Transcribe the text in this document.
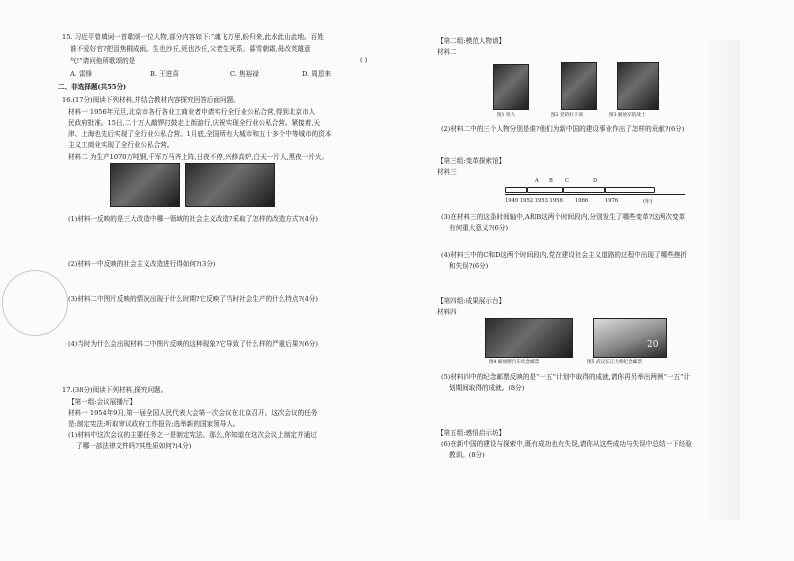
15. 习近平曾填词一首歌颂一位人物,部分内容如下:“魂飞万里,盼归来,此水此山此地。百姓
谁不爱好官?把泪焦桐成雨。生也沙丘,死也沙丘,父老生死系。暮雪朝霜,毋改英雄意
气!”请问他所歌颂的是	( )
A. 雷锋	B. 王进喜	C. 焦裕禄	D. 周恩来
二、非选择题(共55分)
16.(17分)阅读下列材料,并结合教材内容探究回答后面问题。
材料一 1956年元旦,北京市各行各业工商业者申请实行全行业公私合营,得到北京市人
民政府批准。15日,二十万人敲锣打鼓走上街游行,庆祝实现全行业公私合营。紧接着,天
津、上海也先后实现了全行业公私合营。1月底,全国所有大城市和五十多个中等城市的资本
主义工商业实现了全行业公私合营。
材料二 为生产1070万吨钢,千军万马齐上阵,日夜不停,兴修高炉,白天一片人,黑夜一片火。
(1)材料一反映的是三大改造中哪一领域的社会主义改造?采取了怎样的改造方式?(4分)
(2)材料一中反映的社会主义改造进行得如何?(3分)
(3)材料二中图片反映的情况出现于什么时期?它反映了当时社会生产的什么特点?(4分)
(4)当时为什么会出现材料二中图片反映的这种现象?它导致了什么样的严重后果?(6分)
17.(38分)阅读下列材料,探究问题。
【第一组:会议展播厅】
材料一 1954年9月,第一届全国人民代表大会第一次会议在北京召开。这次会议的任务
是:制定宪法;听取审议政府工作报告;选举新的国家领导人。
(1)材料中这次会议的主要任务之一是制定宪法。那么,你知道在这次会议上制定并通过
了哪一部法律文件吗?其性质如何?(4分)
【第二组:模范人物谱】
材料二
图1 铁人	图2 党的好干部	图3 解放军的战士
(2)材料二中的三个人物分别是谁?他们为新中国的建设事业作出了怎样的贡献?(6分)
【第三组:变革探索馆】
材料三
A B C	D
1949 1952 1953 1956 1966	1976	(年)
(3)在材料三的这条时间轴中,A和B这两个时间段内,分别发生了哪些变革?这两次变革
有何重大意义?(6分)
(4)材料三中的C和D这两个时间段内,党在建设社会主义道路的过程中出现了哪些挫折
和失误?(6分)
【第四组:成果展示台】
材料四
20
图4 解放牌汽车纪念邮票	图5 武汉长江大桥纪念邮票
(5)材料四中的纪念邮票反映的是“一五”计划中取得的成就,请你再另举出两例“一五”计
划期间取得的成就。(8分)
【第五组:感悟启示坊】
(6)在新中国的建设与探索中,既有成功也有失误,请你从这些成功与失误中总结一下经验
教训。(8分)
